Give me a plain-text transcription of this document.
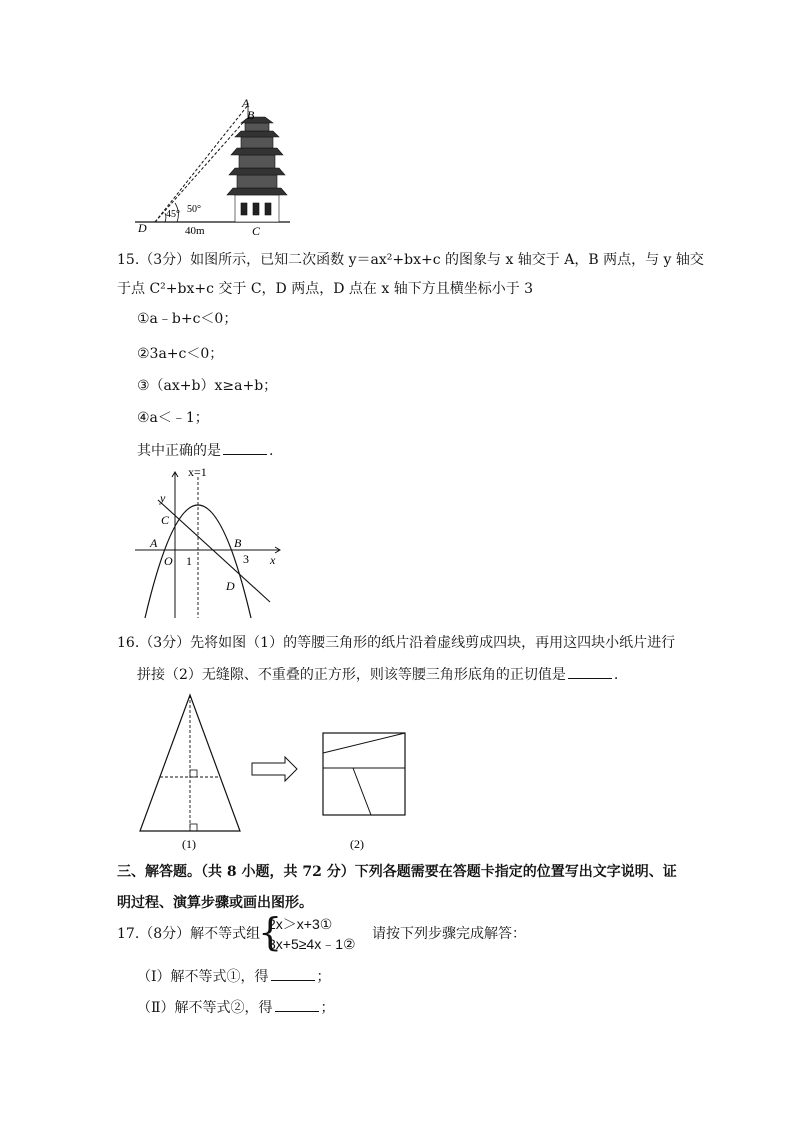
A
B
D	C
45° 50°
40m
15.（3分）如图所示，已知二次函数 y＝ax²+bx+c 的图象与 x 轴交于 A，B 两点，与 y 轴交
于点 C²+bx+c 交于 C，D 两点，D 点在 x 轴下方且横坐标小于 3
①a﹣b+c＜0；
②3a+c＜0；
③（ax+b）x≥a+b；
④a＜﹣1；
其中正确的是	.
y
x=1
C
A
O 1
B
3 x
D
16.（3分）先将如图（1）的等腰三角形的纸片沿着虚线剪成四块，再用这四块小纸片进行
拼接（2）无缝隙、不重叠的正方形，则该等腰三角形底角的正切值是	.
(1)	(2)
三、解答题。（共 8 小题，共 72 分）下列各题需要在答题卡指定的位置写出文字说明、证
明过程、演算步骤或画出图形。
17.（8分）解不等式组
{
2x＞x+3①
3x+5≥4x﹣1②
请按下列步骤完成解答：
（Ⅰ）解不等式①，得	；
（Ⅱ）解不等式②，得	；
